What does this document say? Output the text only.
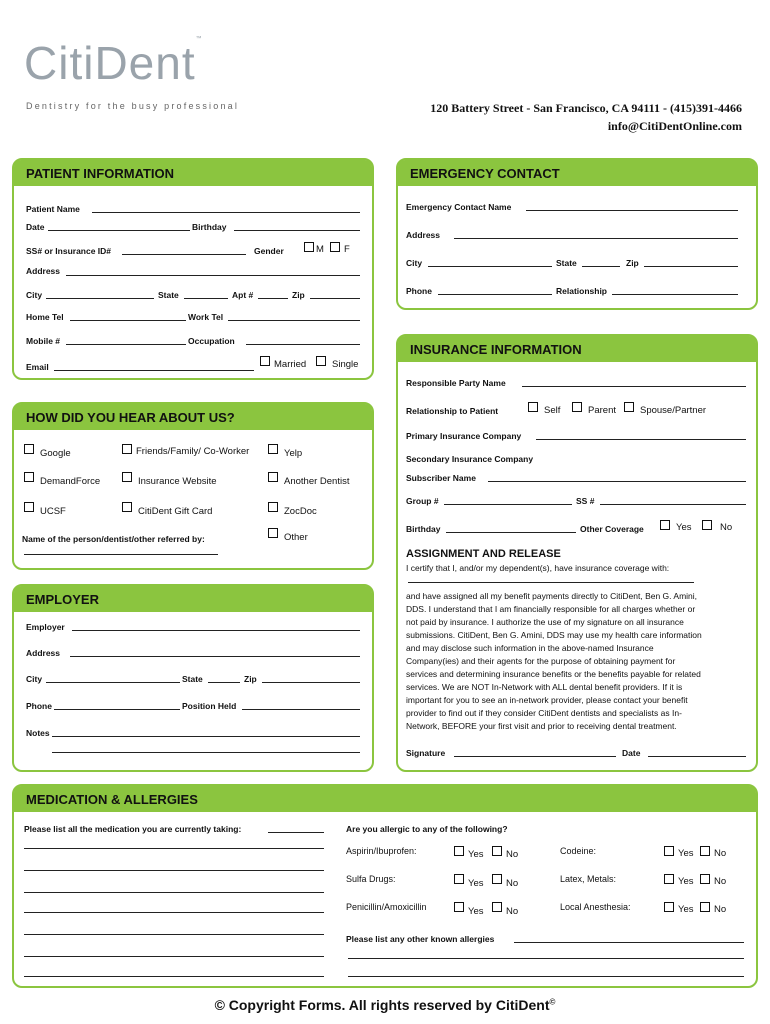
CitiDent™
Dentistry for the busy professional	120 Battery Street - San Francisco, CA 94111 - (415)391-4466
info@CitiDentOnline.com
PATIENT INFORMATION
Patient Name
Date	Birthday
SS# or Insurance ID#	Gender	M F
Address
City	State	Apt #	Zip
Home Tel	Work Tel
Mobile #	Occupation
Email	Married	Single
EMERGENCY CONTACT
Emergency Contact Name
Address
City	State	Zip
Phone	Relationship
HOW DID YOU HEAR ABOUT US?
Google	Friends/Family/ Co-Worker	Yelp
DemandForce	Insurance Website	Another Dentist
UCSF	CitiDent Gift Card	ZocDoc
Name of the person/dentist/other referred by:	Other
INSURANCE INFORMATION
Responsible Party Name
Relationship to Patient	Self	Parent	Spouse/Partner
Primary Insurance Company
Secondary Insurance Company
Subscriber Name
Group #	SS #
Birthday	Other Coverage	Yes	No
ASSIGNMENT AND RELEASE
I certify that I, and/or my dependent(s), have insurance coverage with:
and have assigned all my benefit payments directly to CitiDent, Ben G. Amini,
DDS. I understand that I am financially responsible for all charges whether or
not paid by insurance. I authorize the use of my signature on all insurance
submissions. CitiDent, Ben G. Amini, DDS may use my health care information
and may disclose such information in the above-named Insurance
Company(ies) and their agents for the purpose of obtaining payment for
services and determining insurance benefits or the benefits payable for related
services. We are NOT In-Network with ALL dental benefit providers. If it is
important for you to see an in-network provider, please contact your benefit
provider to find out if they consider CitiDent dentists and specialists as In-
Network, BEFORE your first visit and prior to receiving dental treatment.
Signature	Date
EMPLOYER
Employer
Address
City	State	Zip
Phone	Position Held
Notes
MEDICATION & ALLERGIES
Please list all the medication you are currently taking:	Are you allergic to any of the following?
Aspirin/Ibuprofen:	Yes No	Codeine:	Yes No
Sulfa Drugs:	Yes No	Latex, Metals:	Yes No
Penicillin/Amoxicillin	Yes No	Local Anesthesia:	Yes No
Please list any other known allergies
© Copyright Forms. All rights reserved by CitiDent©
